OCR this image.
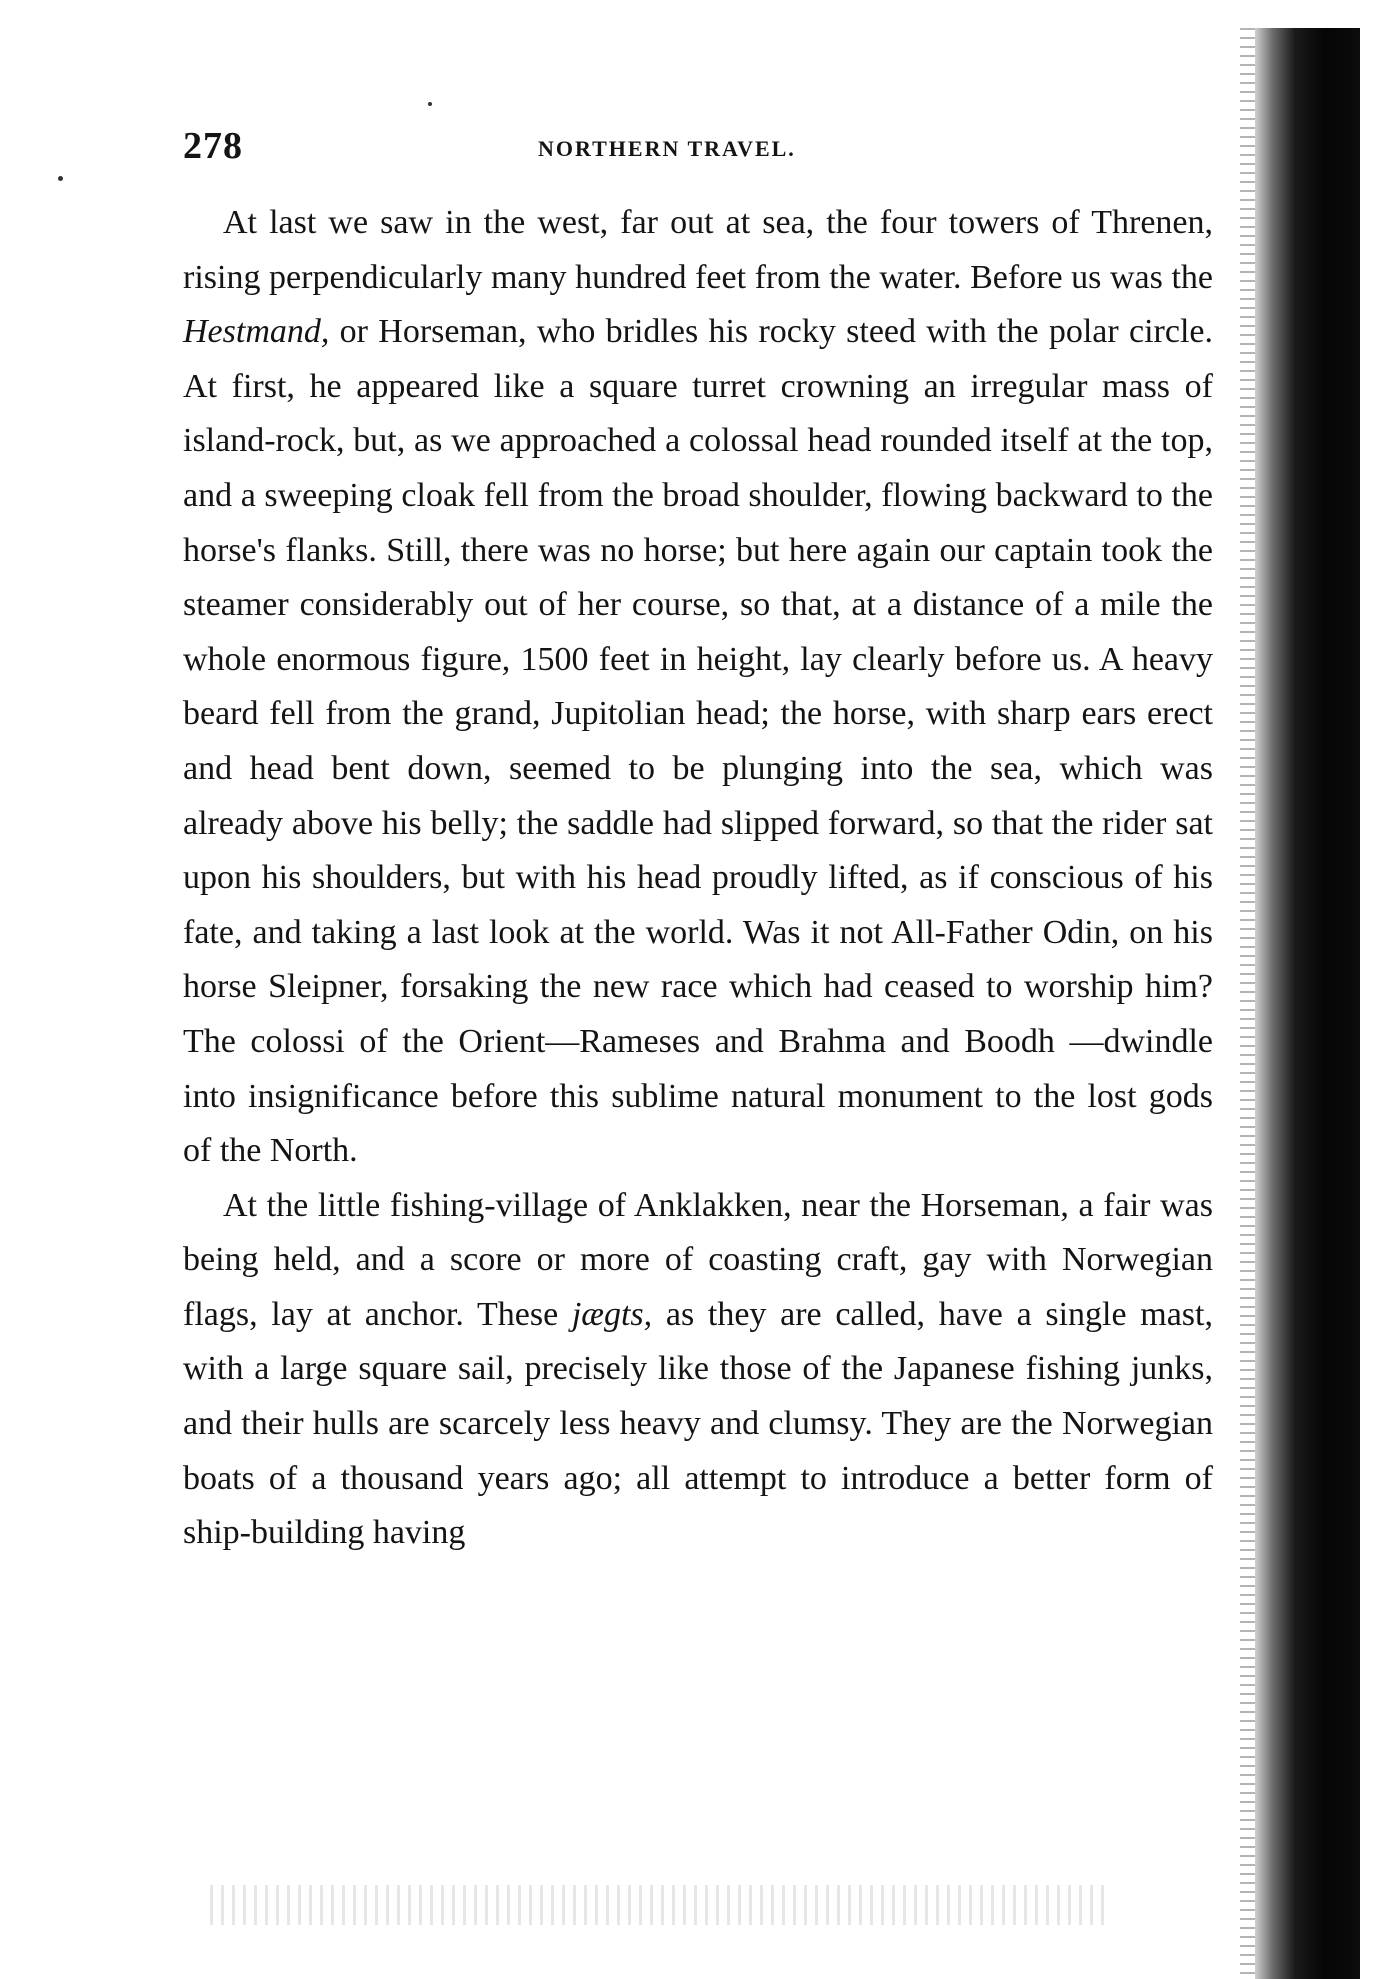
278	NORTHERN TRAVEL.

At last we saw in the west, far out at sea, the four towers of Threnen, rising perpendicularly many hundred feet from the water. Before us was the Hestmand, or Horseman, who bridles his rocky steed with the polar circle. At first, he appeared like a square turret crowning an irregular mass of island-rock, but, as we approached a colossal head rounded itself at the top, and a sweeping cloak fell from the broad shoulder, flowing backward to the horse's flanks. Still, there was no horse; but here again our captain took the steamer considerably out of her course, so that, at a distance of a mile the whole enormous figure, 1500 feet in height, lay clearly before us. A heavy beard fell from the grand, Jupitolian head; the horse, with sharp ears erect and head bent down, seemed to be plunging into the sea, which was already above his belly; the saddle had slipped forward, so that the rider sat upon his shoulders, but with his head proudly lifted, as if conscious of his fate, and taking a last look at the world. Was it not All-Father Odin, on his horse Sleipner, forsaking the new race which had ceased to worship him? The colossi of the Orient—Rameses and Brahma and Boodh —dwindle into insignificance before this sublime natural monument to the lost gods of the North.

At the little fishing-village of Anklakken, near the Horseman, a fair was being held, and a score or more of coasting craft, gay with Norwegian flags, lay at anchor. These jægts, as they are called, have a single mast, with a large square sail, precisely like those of the Japanese fishing junks, and their hulls are scarcely less heavy and clumsy. They are the Norwegian boats of a thousand years ago; all attempt to introduce a better form of ship-building having
